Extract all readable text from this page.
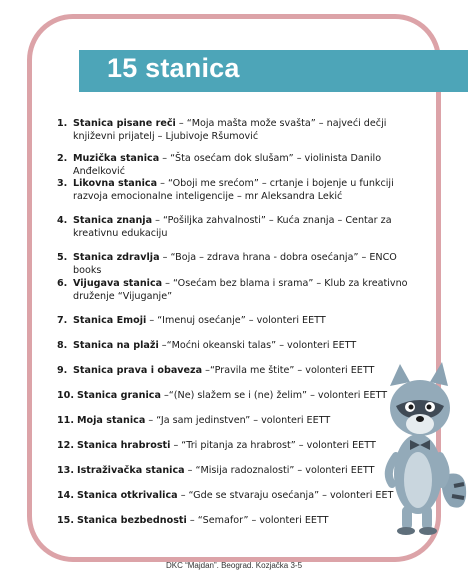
15 stanica
1. Stanica pisane reči – “Moja mašta može svašta” – najveći dečji književni prijatelj – Ljubivoje Ršumović
2. Muzička stanica – “Šta osećam dok slušam” – violinista Danilo Anđelković
3. Likovna stanica – “Oboji me srećom” – crtanje i bojenje u funkciji razvoja emocionalne inteligencije – mr Aleksandra Lekić
4. Stanica znanja – “Pošiljka zahvalnosti” – Kuća znanja – Centar za kreativnu edukaciju
5. Stanica zdravlja – “Boja – zdrava hrana - dobra osećanja” – ENCO books
6. Vijugava stanica – “Osećam bez blama i srama” – Klub za kreativno druženje “Vijuganje”
7. Stanica Emoji – “Imenuj osećanje” – volonteri EETT
8. Stanica na plaži –“Moćni okeanski talas” – volonteri EETT
9. Stanica prava i obaveza –“Pravila me štite” – volonteri EETT
10. Stanica granica –“(Ne) slažem se i (ne) želim” – volonteri EETT
11. Moja stanica – “Ja sam jedinstven” – volonteri EETT
12. Stanica hrabrosti – “Tri pitanja za hrabrost” – volonteri EETT
13. Istraživačka stanica – “Misija radoznalosti” – volonteri EETT
14. Stanica otkrivalica – “Gde se stvaraju osećanja” – volonteri EET
15. Stanica bezbednosti – “Semafor” – volonteri EETT
DKC “Majdan”. Beograd. Kozjačka 3-5
